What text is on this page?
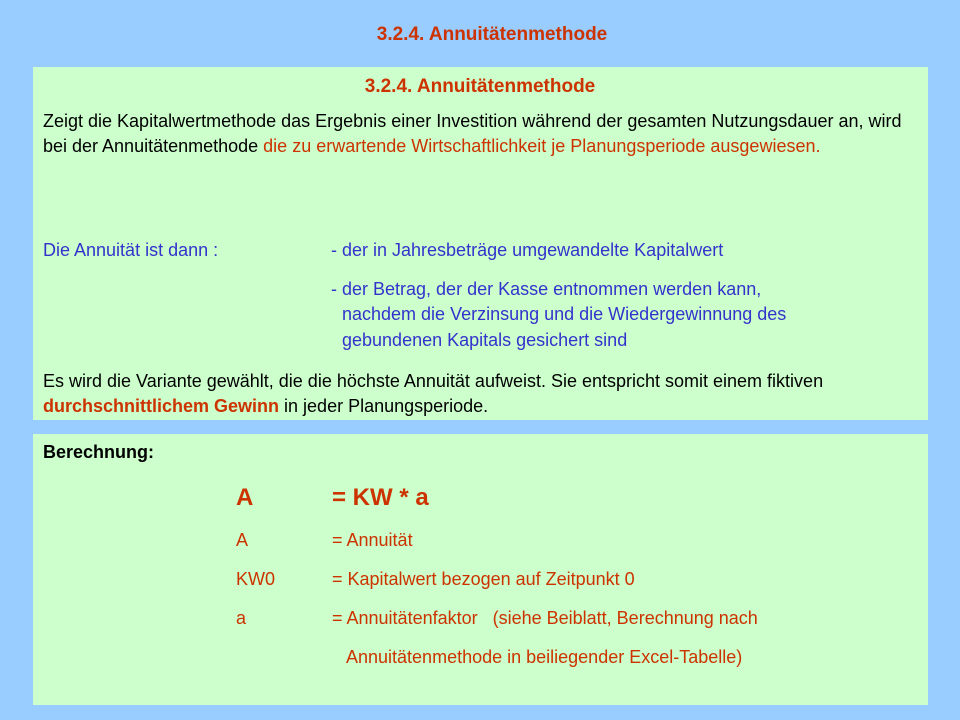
3.2.4. Annuitätenmethode
3.2.4. Annuitätenmethode
Zeigt die Kapitalwertmethode das Ergebnis einer Investition während der gesamten Nutzungsdauer an, wird bei der Annuitätenmethode die zu erwartende Wirtschaftlichkeit je Planungsperiode ausgewiesen.
Die Annuität ist dann :	- der in Jahresbeträge umgewandelte Kapitalwert
- der Betrag, der der Kasse entnommen werden kann,
nachdem die Verzinsung und die Wiedergewinnung des
gebundenen Kapitals gesichert sind
Es wird die Variante gewählt, die die höchste Annuität aufweist. Sie entspricht somit einem fiktiven durchschnittlichem Gewinn in jeder Planungsperiode.
Berechnung:
A	= KW * a
A	= Annuität
KW0	= Kapitalwert bezogen auf Zeitpunkt 0
a	= Annuitätenfaktor   (siehe Beiblatt, Berechnung nach
Annuitätenmethode in beiliegender Excel-Tabelle)
